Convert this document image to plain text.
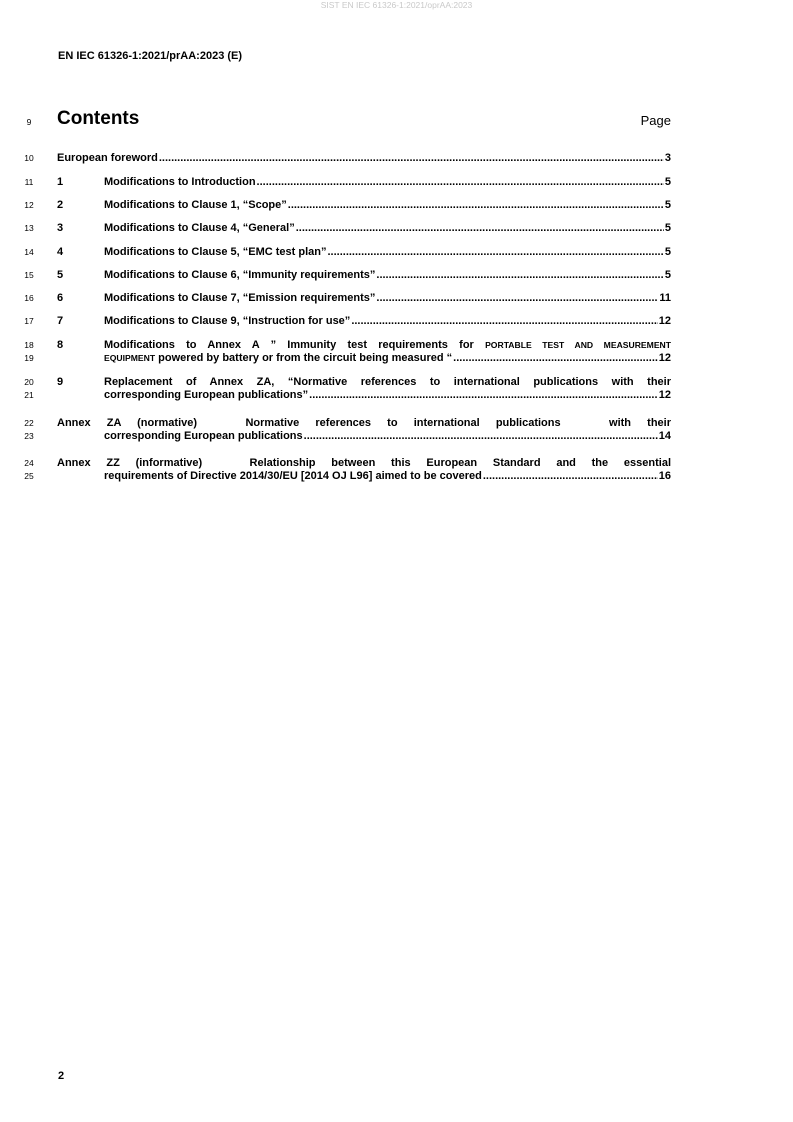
SIST EN IEC 61326-1:2021/oprAA:2023
EN IEC 61326-1:2021/prAA:2023 (E)
9
10
11
12
13
14
15
16
17
18
19
20
21
22
23
24
25
Contents	Page
European foreword .....	3
1	Modifications to Introduction .....	5
2	Modifications to Clause 1, “Scope” .....	5
3	Modifications to Clause 4, “General” .....	5
4	Modifications to Clause 5, “EMC test plan” .....	5
5	Modifications to Clause 6, “Immunity requirements” .....	5
6	Modifications to Clause 7, “Emission requirements” .....	11
7	Modifications to Clause 9, “Instruction for use” .....	12
8	Modifications to Annex A ” Immunity test requirements for PORTABLE TEST AND MEASUREMENT
EQUIPMENT powered by battery or from the circuit being measured “ .....	12
9	Replacement of Annex ZA, “Normative references to international publications with their
corresponding European publications” .....	12
Annex ZA (normative)   Normative references to international publications   with their
corresponding European publications .....	14
Annex ZZ (informative)   Relationship between this European Standard and the essential
requirements of Directive 2014/30/EU [2014 OJ L96] aimed to be covered .....	16
2
